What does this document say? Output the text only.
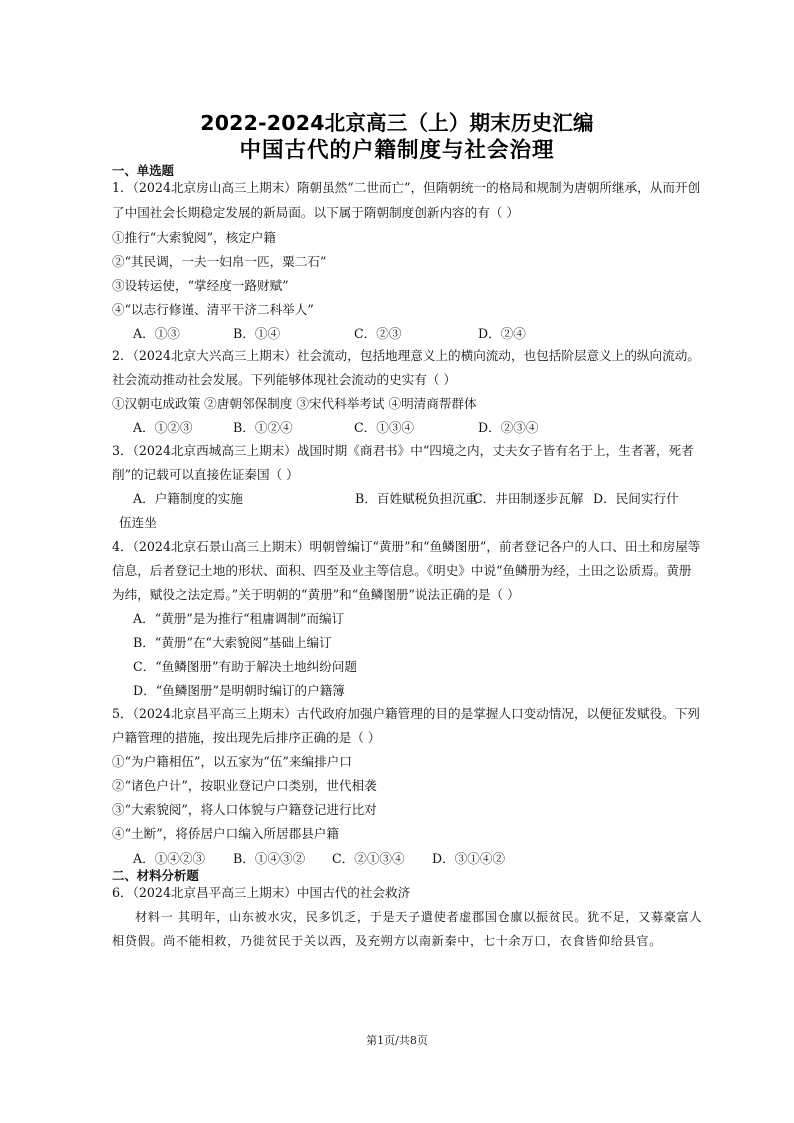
2022-2024北京高三（上）期末历史汇编
中国古代的户籍制度与社会治理
一、单选题
1．（2024北京房山高三上期末）隋朝虽然“二世而亡”，但隋朝统一的格局和规制为唐朝所继承，从而开创
了中国社会长期稳定发展的新局面。以下属于隋朝制度创新内容的有（ ）
①推行“大索貌阅”，核定户籍
②“其民调，一夫一妇帛一匹，粟二石”
③设转运使，“掌经度一路财赋”
④“以志行修谨、清平干济二科举人”
A．①③	B．①④	C．②③	D．②④
2．（2024北京大兴高三上期末）社会流动，包括地理意义上的横向流动，也包括阶层意义上的纵向流动。
社会流动推动社会发展。下列能够体现社会流动的史实有（ ）
①汉朝屯成政策 ②唐朝邻保制度 ③宋代科举考试 ④明清商帮群体
A．①②③	B．①②④	C．①③④	D．②③④
3．（2024北京西城高三上期末）战国时期《商君书》中“四境之内，丈夫女子皆有名于上，生者著，死者
削”的记载可以直接佐证秦国（ ）
A．户籍制度的实施	B．百姓赋税负担沉重
C．井田制逐步瓦解 D．民间实行什
伍连坐
4．（2024北京石景山高三上期末）明朝曾编订“黄册”和“鱼鳞图册”，前者登记各户的人口、田土和房屋等
信息，后者登记土地的形状、面积、四至及业主等信息。《明史》中说“鱼鳞册为经，土田之讼质焉。黄册
为纬，赋役之法定焉。”关于明朝的“黄册”和“鱼鳞图册”说法正确的是（ ）
A．“黄册”是为推行“租庸调制”而编订
B．“黄册”在“大索貌阅”基础上编订
C．“鱼鳞图册”有助于解决土地纠纷问题
D．“鱼鳞图册”是明朝时编订的户籍簿
5．（2024北京昌平高三上期末）古代政府加强户籍管理的目的是掌握人口变动情况，以便征发赋役。下列
户籍管理的措施，按出现先后排序正确的是（ ）
①“为户籍相伍”，以五家为“伍”来编排户口
②“诸色户计”，按职业登记户口类别，世代相袭
③“大索貌阅”，将人口体貌与户籍登记进行比对
④“土断”，将侨居户口编入所居郡县户籍
A．①④②③ B．①④③② C．②①③④ D．③①④②
二、材料分析题
6．（2024北京昌平高三上期末）中国古代的社会救济
材料一 其明年，山东被水灾，民多饥乏，于是天子遣使者虚郡国仓廪以振贫民。犹不足，又募豪富人
相贷假。尚不能相救，乃徙贫民于关以西，及充朔方以南新秦中，七十余万口，衣食皆仰给县官。
第1页/共8页
